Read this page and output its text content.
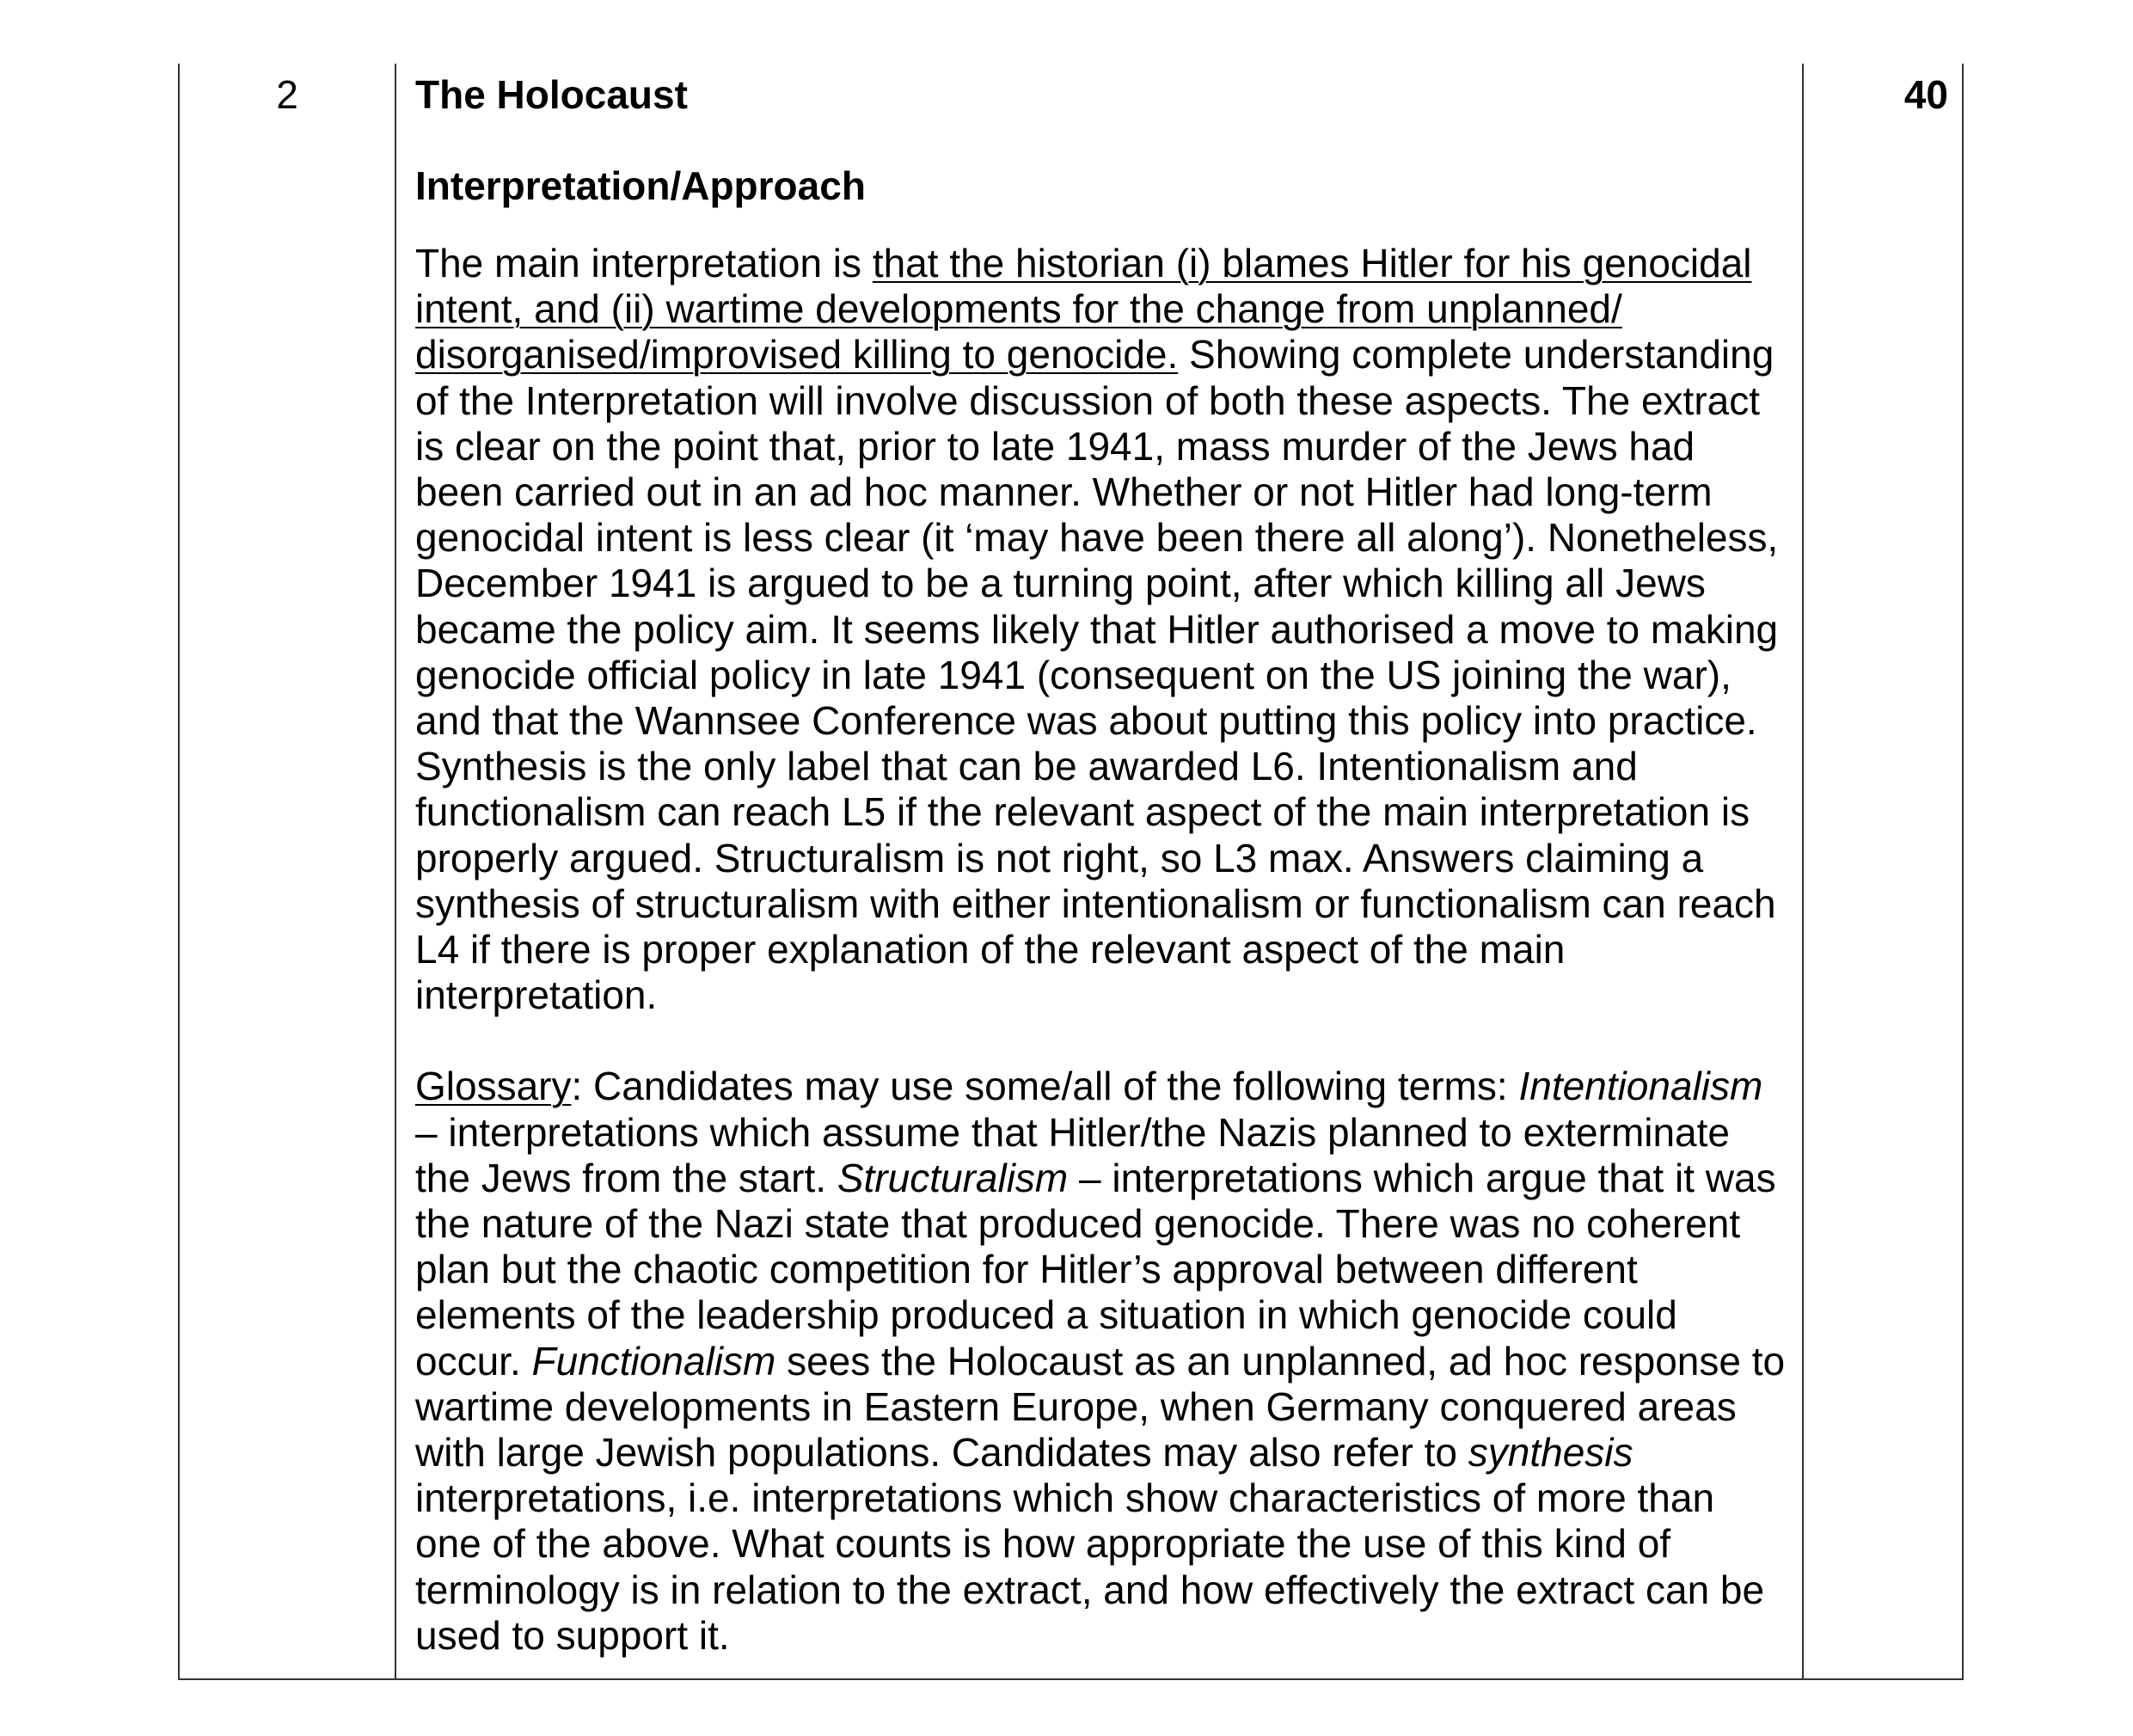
2	The Holocaust

Interpretation/Approach

The main interpretation is that the historian (i) blames Hitler for his genocidal intent, and (ii) wartime developments for the change from unplanned/ disorganised/improvised killing to genocide. Showing complete understanding of the Interpretation will involve discussion of both these aspects. The extract is clear on the point that, prior to late 1941, mass murder of the Jews had been carried out in an ad hoc manner. Whether or not Hitler had long-term genocidal intent is less clear (it ‘may have been there all along’). Nonetheless, December 1941 is argued to be a turning point, after which killing all Jews became the policy aim. It seems likely that Hitler authorised a move to making genocide official policy in late 1941 (consequent on the US joining the war), and that the Wannsee Conference was about putting this policy into practice. Synthesis is the only label that can be awarded L6. Intentionalism and functionalism can reach L5 if the relevant aspect of the main interpretation is properly argued. Structuralism is not right, so L3 max. Answers claiming a synthesis of structuralism with either intentionalism or functionalism can reach L4 if there is proper explanation of the relevant aspect of the main interpretation.

Glossary: Candidates may use some/all of the following terms: Intentionalism – interpretations which assume that Hitler/the Nazis planned to exterminate the Jews from the start. Structuralism – interpretations which argue that it was the nature of the Nazi state that produced genocide. There was no coherent plan but the chaotic competition for Hitler’s approval between different elements of the leadership produced a situation in which genocide could occur. Functionalism sees the Holocaust as an unplanned, ad hoc response to wartime developments in Eastern Europe, when Germany conquered areas with large Jewish populations. Candidates may also refer to synthesis interpretations, i.e. interpretations which show characteristics of more than one of the above. What counts is how appropriate the use of this kind of terminology is in relation to the extract, and how effectively the extract can be used to support it.

40
